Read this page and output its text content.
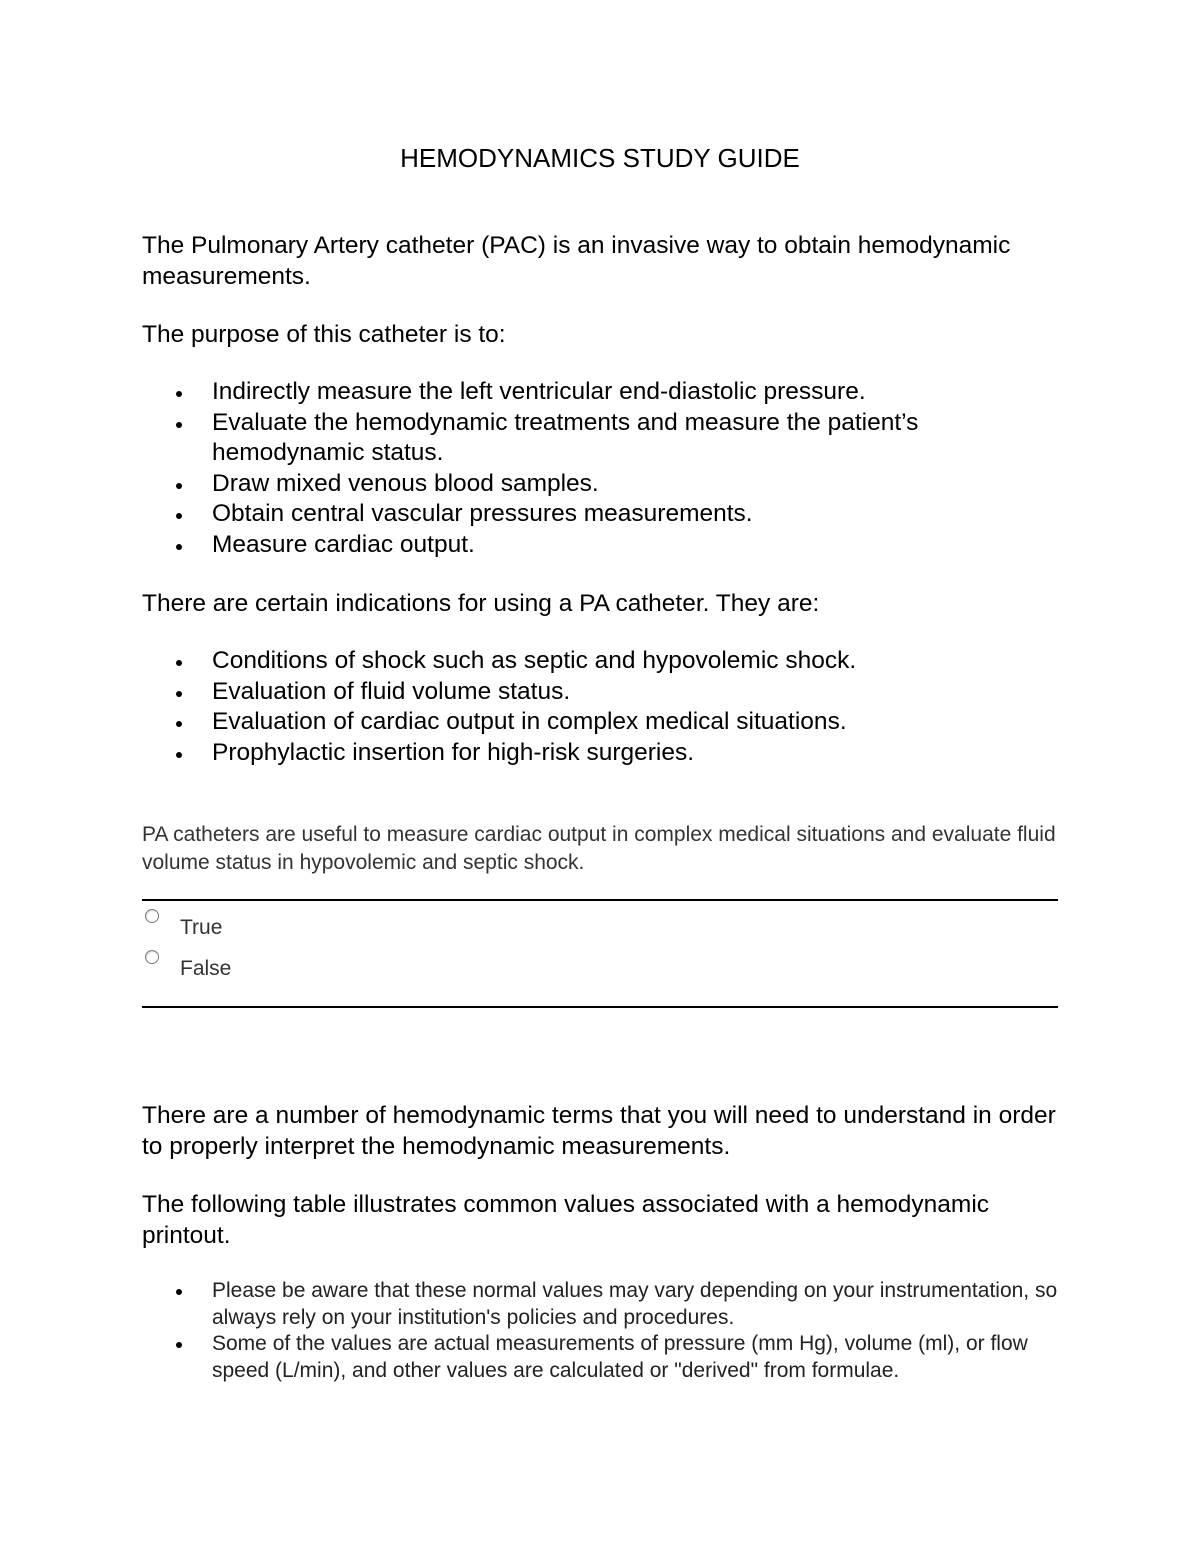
HEMODYNAMICS STUDY GUIDE

The Pulmonary Artery catheter (PAC) is an invasive way to obtain hemodynamic measurements.

The purpose of this catheter is to:

Indirectly measure the left ventricular end-diastolic pressure.
Evaluate the hemodynamic treatments and measure the patient’s hemodynamic status.
Draw mixed venous blood samples.
Obtain central vascular pressures measurements.
Measure cardiac output.

There are certain indications for using a PA catheter. They are:

Conditions of shock such as septic and hypovolemic shock.
Evaluation of fluid volume status.
Evaluation of cardiac output in complex medical situations.
Prophylactic insertion for high-risk surgeries.

PA catheters are useful to measure cardiac output in complex medical situations and evaluate fluid volume status in hypovolemic and septic shock.

True
False

There are a number of hemodynamic terms that you will need to understand in order to properly interpret the hemodynamic measurements.

The following table illustrates common values associated with a hemodynamic printout.

Please be aware that these normal values may vary depending on your instrumentation, so always rely on your institution's policies and procedures.
Some of the values are actual measurements of pressure (mm Hg), volume (ml), or flow speed (L/min), and other values are calculated or "derived" from formulae.
